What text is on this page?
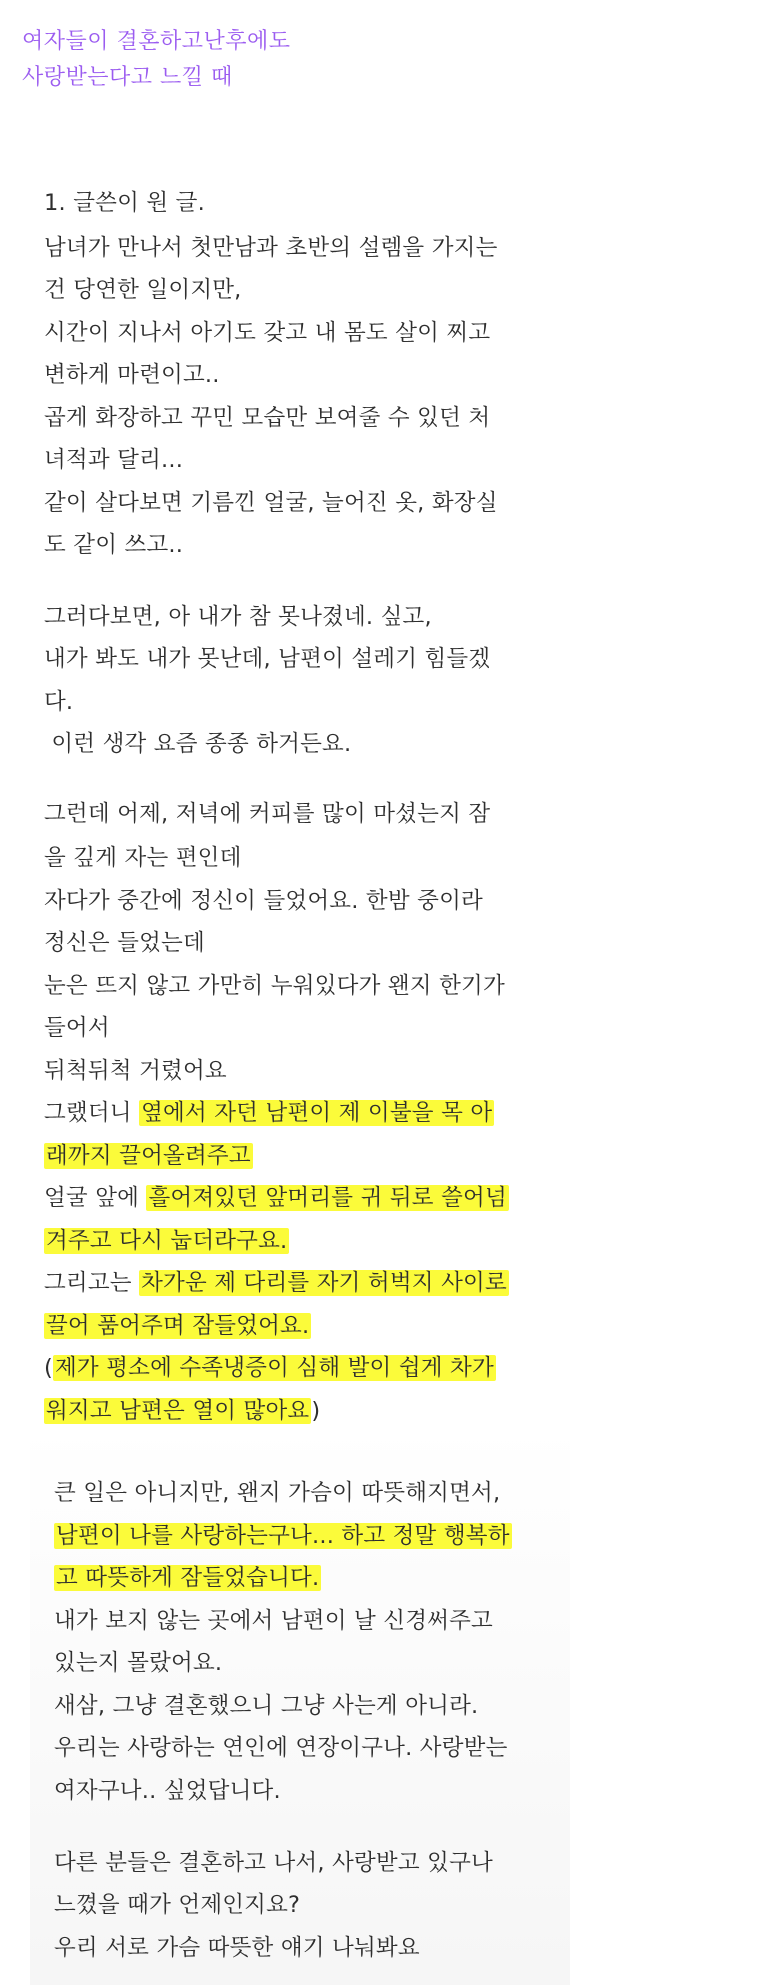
여자들이 결혼하고난후에도
사랑받는다고 느낄 때
1. 글쓴이 원 글.
남녀가 만나서 첫만남과 초반의 설렘을 가지는
건 당연한 일이지만,
시간이 지나서 아기도 갖고 내 몸도 살이 찌고
변하게 마련이고..
곱게 화장하고 꾸민 모습만 보여줄 수 있던 처
녀적과 달리...
같이 살다보면 기름낀 얼굴, 늘어진 옷, 화장실
도 같이 쓰고..
그러다보면, 아 내가 참 못나졌네. 싶고,
내가 봐도 내가 못난데, 남편이 설레기 힘들겠
다.
이런 생각 요즘 종종 하거든요.
그런데 어제, 저녁에 커피를 많이 마셨는지 잠
을 깊게 자는 편인데
자다가 중간에 정신이 들었어요. 한밤 중이라
정신은 들었는데
눈은 뜨지 않고 가만히 누워있다가 왠지 한기가
들어서
뒤척뒤척 거렸어요
그랬더니 옆에서 자던 남편이 제 이불을 목 아
래까지 끌어올려주고
얼굴 앞에 흘어져있던 앞머리를 귀 뒤로 쓸어넘
겨주고 다시 눕더라구요.
그리고는 차가운 제 다리를 자기 허벅지 사이로
끌어 품어주며 잠들었어요.
(제가 평소에 수족냉증이 심해 발이 쉽게 차가
워지고 남편은 열이 많아요)
큰 일은 아니지만, 왠지 가슴이 따뜻해지면서,
남편이 나를 사랑하는구나... 하고 정말 행복하
고 따뜻하게 잠들었습니다.
내가 보지 않는 곳에서 남편이 날 신경써주고
있는지 몰랐어요.
새삼, 그냥 결혼했으니 그냥 사는게 아니라.
우리는 사랑하는 연인에 연장이구나. 사랑받는
여자구나.. 싶었답니다.
다른 분들은 결혼하고 나서, 사랑받고 있구나
느꼈을 때가 언제인지요?
우리 서로 가슴 따뜻한 얘기 나눠봐요
